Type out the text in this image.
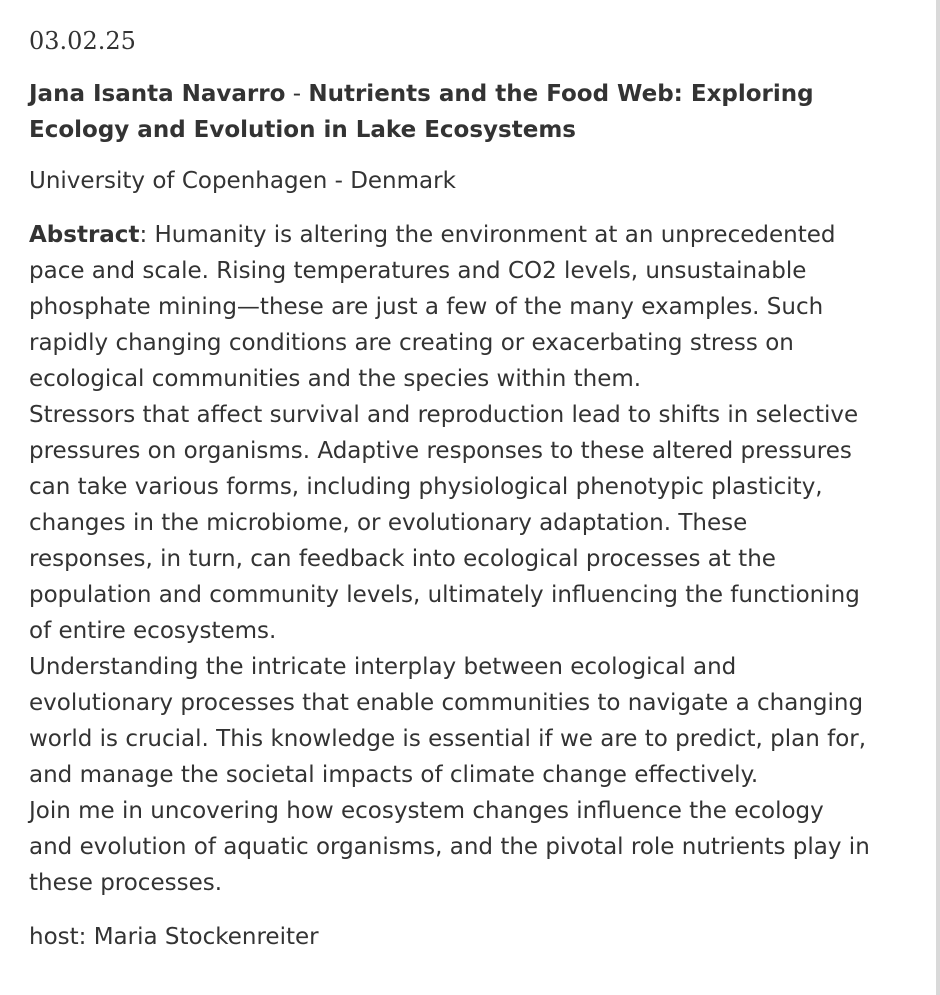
03.02.25
Jana Isanta Navarro - Nutrients and the Food Web: Exploring
Ecology and Evolution in Lake Ecosystems
University of Copenhagen - Denmark
Abstract: Humanity is altering the environment at an unprecedented
pace and scale. Rising temperatures and CO2 levels, unsustainable
phosphate mining—these are just a few of the many examples. Such
rapidly changing conditions are creating or exacerbating stress on
ecological communities and the species within them.
Stressors that affect survival and reproduction lead to shifts in selective
pressures on organisms. Adaptive responses to these altered pressures
can take various forms, including physiological phenotypic plasticity,
changes in the microbiome, or evolutionary adaptation. These
responses, in turn, can feedback into ecological processes at the
population and community levels, ultimately influencing the functioning
of entire ecosystems.
Understanding the intricate interplay between ecological and
evolutionary processes that enable communities to navigate a changing
world is crucial. This knowledge is essential if we are to predict, plan for,
and manage the societal impacts of climate change effectively.
Join me in uncovering how ecosystem changes influence the ecology
and evolution of aquatic organisms, and the pivotal role nutrients play in
these processes.
host: Maria Stockenreiter
